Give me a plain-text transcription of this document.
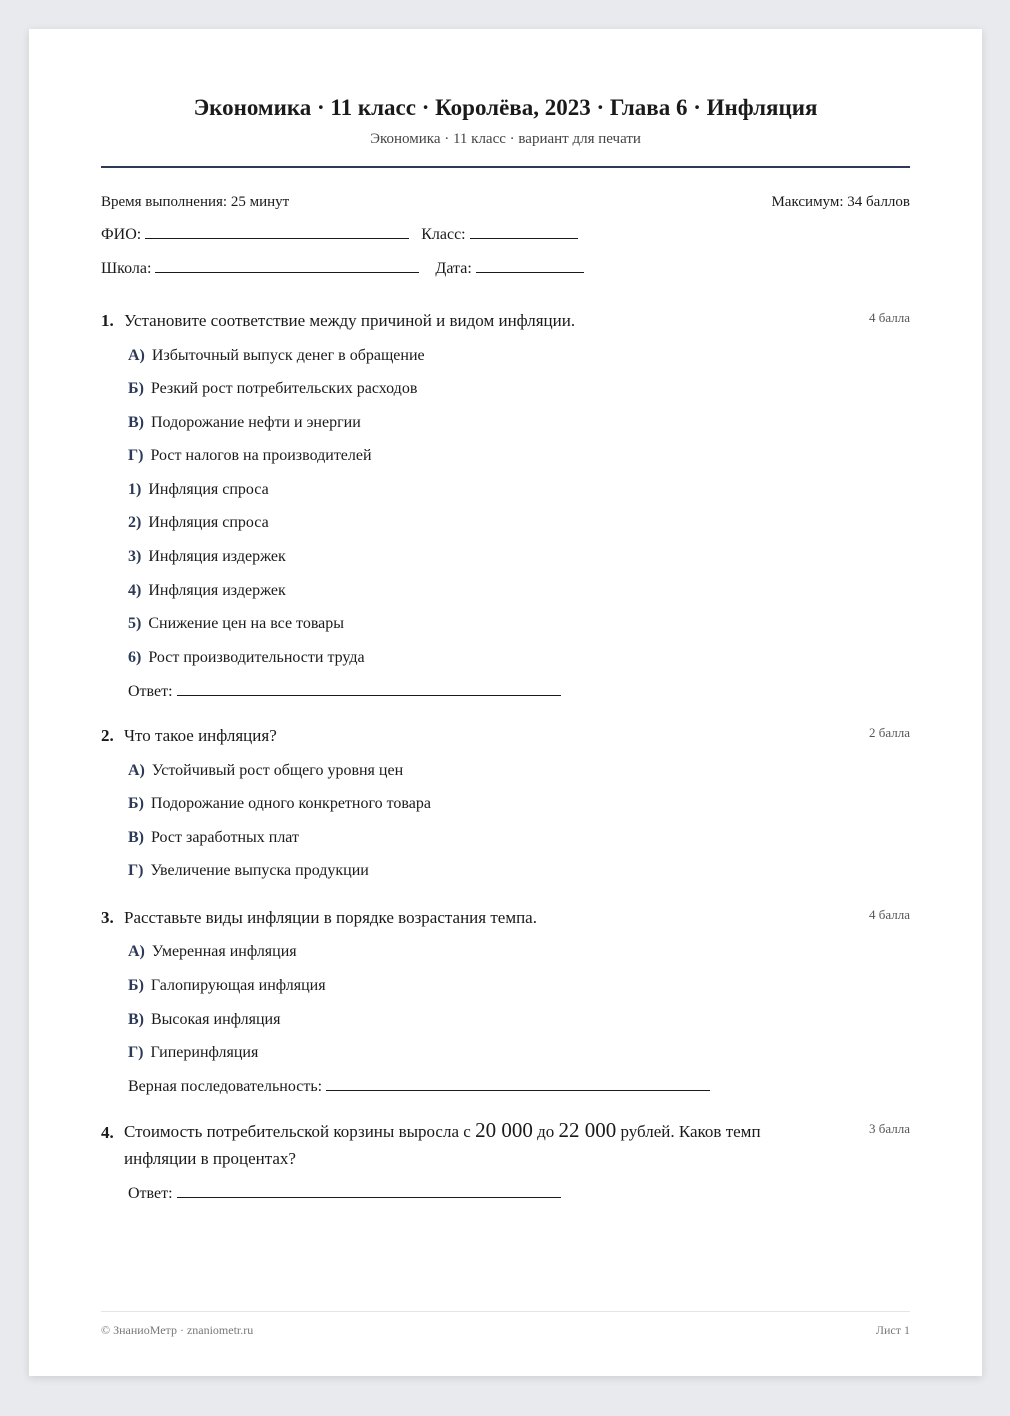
Экономика · 11 класс · Королёва, 2023 · Глава 6 · Инфляция
Экономика · 11 класс · вариант для печати
Время выполнения: 25 минут	Максимум: 34 баллов
ФИО:	Класс:
Школа:	Дата:
1. Установите соответствие между причиной и видом инфляции.	4 балла
А) Избыточный выпуск денег в обращение
Б) Резкий рост потребительских расходов
В) Подорожание нефти и энергии
Г) Рост налогов на производителей
1) Инфляция спроса
2) Инфляция спроса
3) Инфляция издержек
4) Инфляция издержек
5) Снижение цен на все товары
6) Рост производительности труда
Ответ:
2. Что такое инфляция?	2 балла
А) Устойчивый рост общего уровня цен
Б) Подорожание одного конкретного товара
В) Рост заработных плат
Г) Увеличение выпуска продукции
3. Расставьте виды инфляции в порядке возрастания темпа.	4 балла
А) Умеренная инфляция
Б) Галопирующая инфляция
В) Высокая инфляция
Г) Гиперинфляция
Верная последовательность:
4. Стоимость потребительской корзины выросла с 20 000 до 22 000 рублей. Каков темп
инфляции в процентах?
3 балла
Ответ:
© ЗнаниоМетр · znaniometr.ru	Лист 1
